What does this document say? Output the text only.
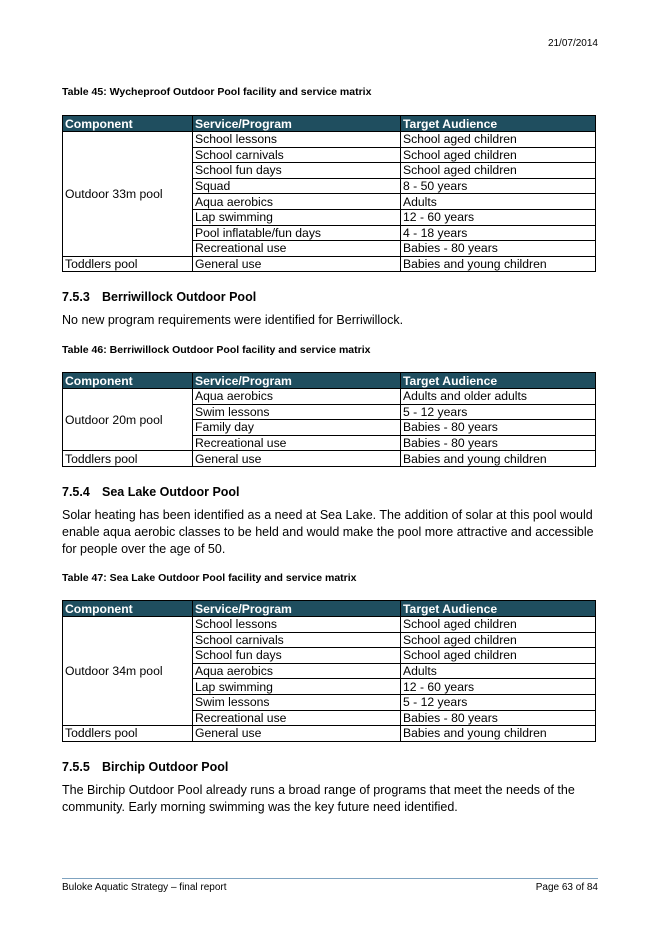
21/07/2014
Table 45: Wycheproof Outdoor Pool facility and service matrix
Component	Service/Program	Target Audience
Outdoor 33m pool	School lessons	School aged children
	School carnivals	School aged children
	School fun days	School aged children
	Squad	8 - 50 years
	Aqua aerobics	Adults
	Lap swimming	12 - 60 years
	Pool inflatable/fun days	4 - 18 years
	Recreational use	Babies - 80 years
Toddlers pool	General use	Babies and young children
7.5.3 Berriwillock Outdoor Pool
No new program requirements were identified for Berriwillock.
Table 46: Berriwillock Outdoor Pool facility and service matrix
Component	Service/Program	Target Audience
Outdoor 20m pool	Aqua aerobics	Adults and older adults
	Swim lessons	5 - 12 years
	Family day	Babies - 80 years
	Recreational use	Babies - 80 years
Toddlers pool	General use	Babies and young children
7.5.4 Sea Lake Outdoor Pool
Solar heating has been identified as a need at Sea Lake. The addition of solar at this pool would enable aqua aerobic classes to be held and would make the pool more attractive and accessible for people over the age of 50.
Table 47: Sea Lake Outdoor Pool facility and service matrix
Component	Service/Program	Target Audience
Outdoor 34m pool	School lessons	School aged children
	School carnivals	School aged children
	School fun days	School aged children
	Aqua aerobics	Adults
	Lap swimming	12 - 60 years
	Swim lessons	5 - 12 years
	Recreational use	Babies - 80 years
Toddlers pool	General use	Babies and young children
7.5.5 Birchip Outdoor Pool
The Birchip Outdoor Pool already runs a broad range of programs that meet the needs of the community. Early morning swimming was the key future need identified.
Buloke Aquatic Strategy – final report	Page 63 of 84
